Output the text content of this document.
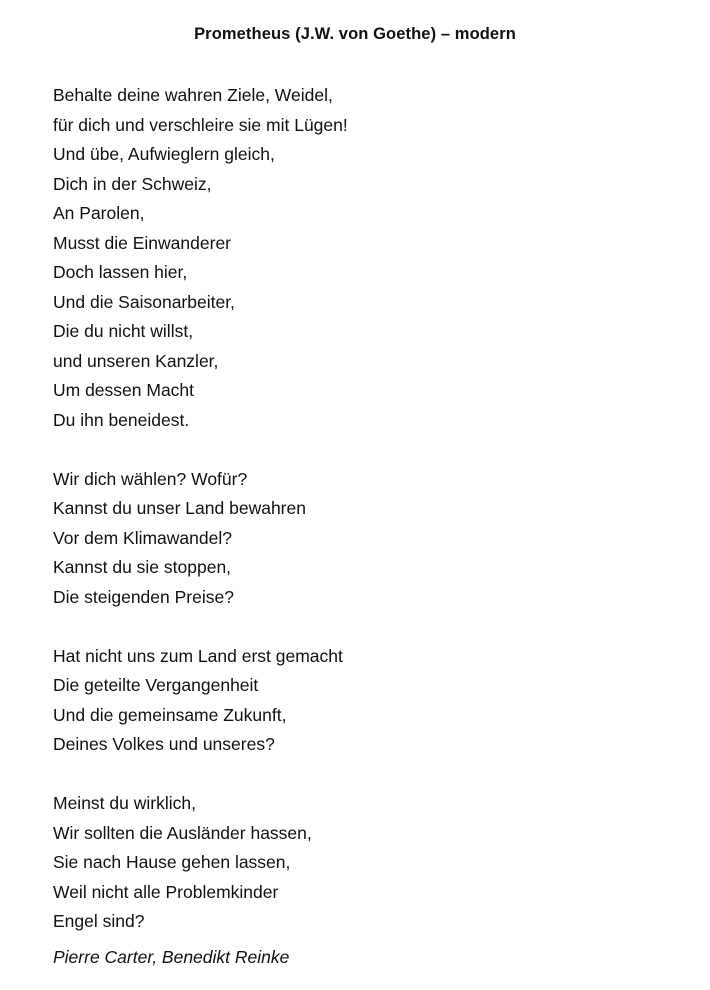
Prometheus (J.W. von Goethe) – modern
Behalte deine wahren Ziele, Weidel,
für dich und verschleire sie mit Lügen!
Und übe, Aufwieglern gleich,
Dich in der Schweiz,
An Parolen,
Musst die Einwanderer
Doch lassen hier,
Und die Saisonarbeiter,
Die du nicht willst,
und unseren Kanzler,
Um dessen Macht
Du ihn beneidest.
Wir dich wählen? Wofür?
Kannst du unser Land bewahren
Vor dem Klimawandel?
Kannst du sie stoppen,
Die steigenden Preise?
Hat nicht uns zum Land erst gemacht
Die geteilte Vergangenheit
Und die gemeinsame Zukunft,
Deines Volkes und unseres?
Meinst du wirklich,
Wir sollten die Ausländer hassen,
Sie nach Hause gehen lassen,
Weil nicht alle Problemkinder
Engel sind?
Pierre Carter, Benedikt Reinke
